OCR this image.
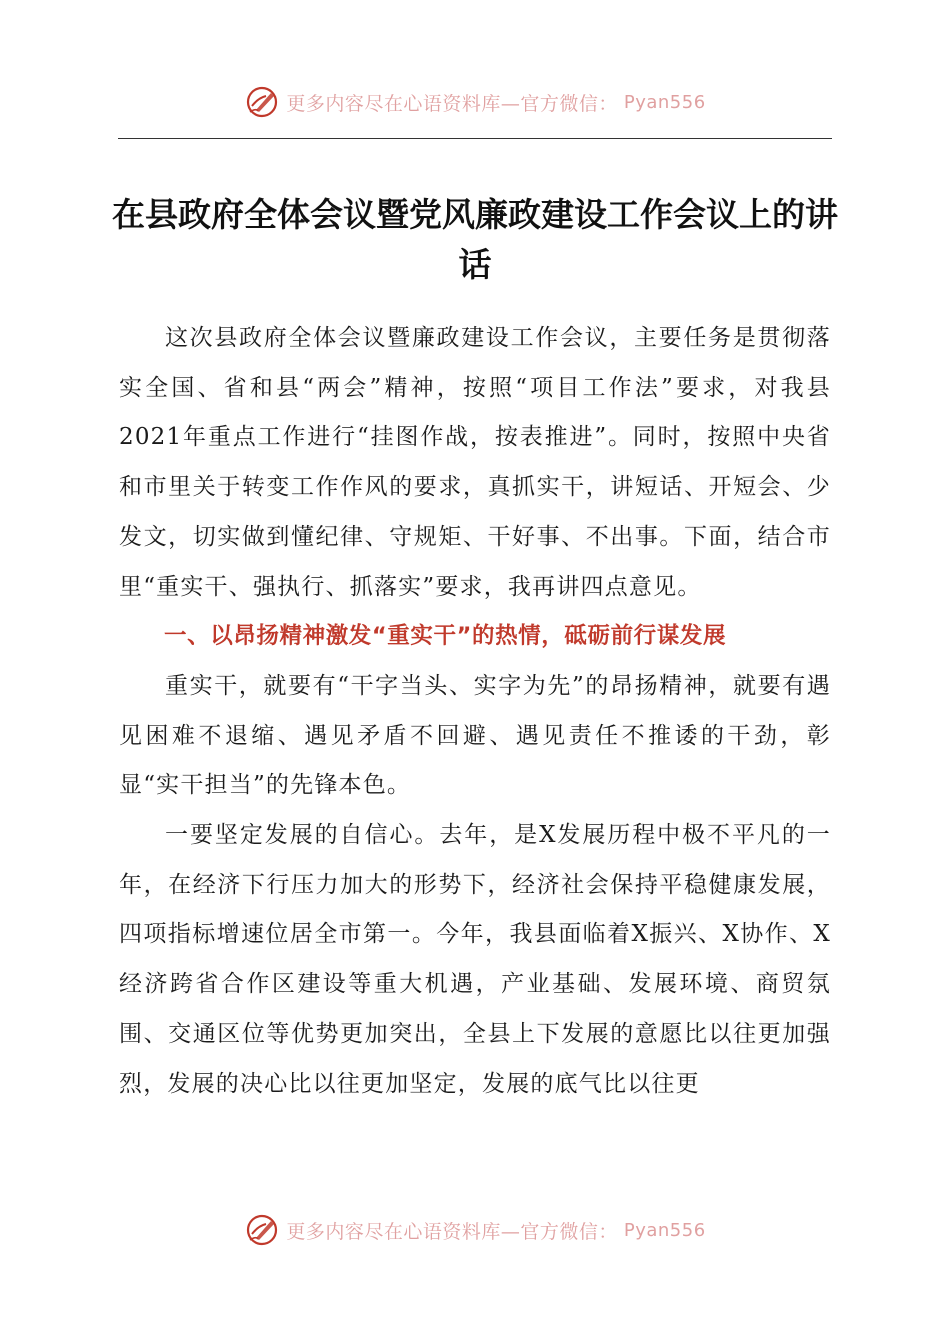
更多内容尽在心语资料库—官方微信： Pyan556
在县政府全体会议暨党风廉政建设工作会议上的讲话

这次县政府全体会议暨廉政建设工作会议，主要任务是贯彻落实全国、省和县“两会”精神，按照“项目工作法”要求，对我县2021年重点工作进行“挂图作战，按表推进”。同时，按照中央省和市里关于转变工作作风的要求，真抓实干，讲短话、开短会、少发文，切实做到懂纪律、守规矩、干好事、不出事。下面，结合市里“重实干、强执行、抓落实”要求，我再讲四点意见。

一、以昂扬精神激发“重实干”的热情，砥砺前行谋发展

重实干，就要有“干字当头、实字为先”的昂扬精神，就要有遇见困难不退缩、遇见矛盾不回避、遇见责任不推诿的干劲，彰显“实干担当”的先锋本色。

一要坚定发展的自信心。去年，是X发展历程中极不平凡的一年，在经济下行压力加大的形势下，经济社会保持平稳健康发展，四项指标增速位居全市第一。今年，我县面临着X振兴、X协作、X经济跨省合作区建设等重大机遇，产业基础、发展环境、商贸氛围、交通区位等优势更加突出，全县上下发展的意愿比以往更加强烈，发展的决心比以往更加坚定，发展的底气比以往更

更多内容尽在心语资料库—官方微信： Pyan556
